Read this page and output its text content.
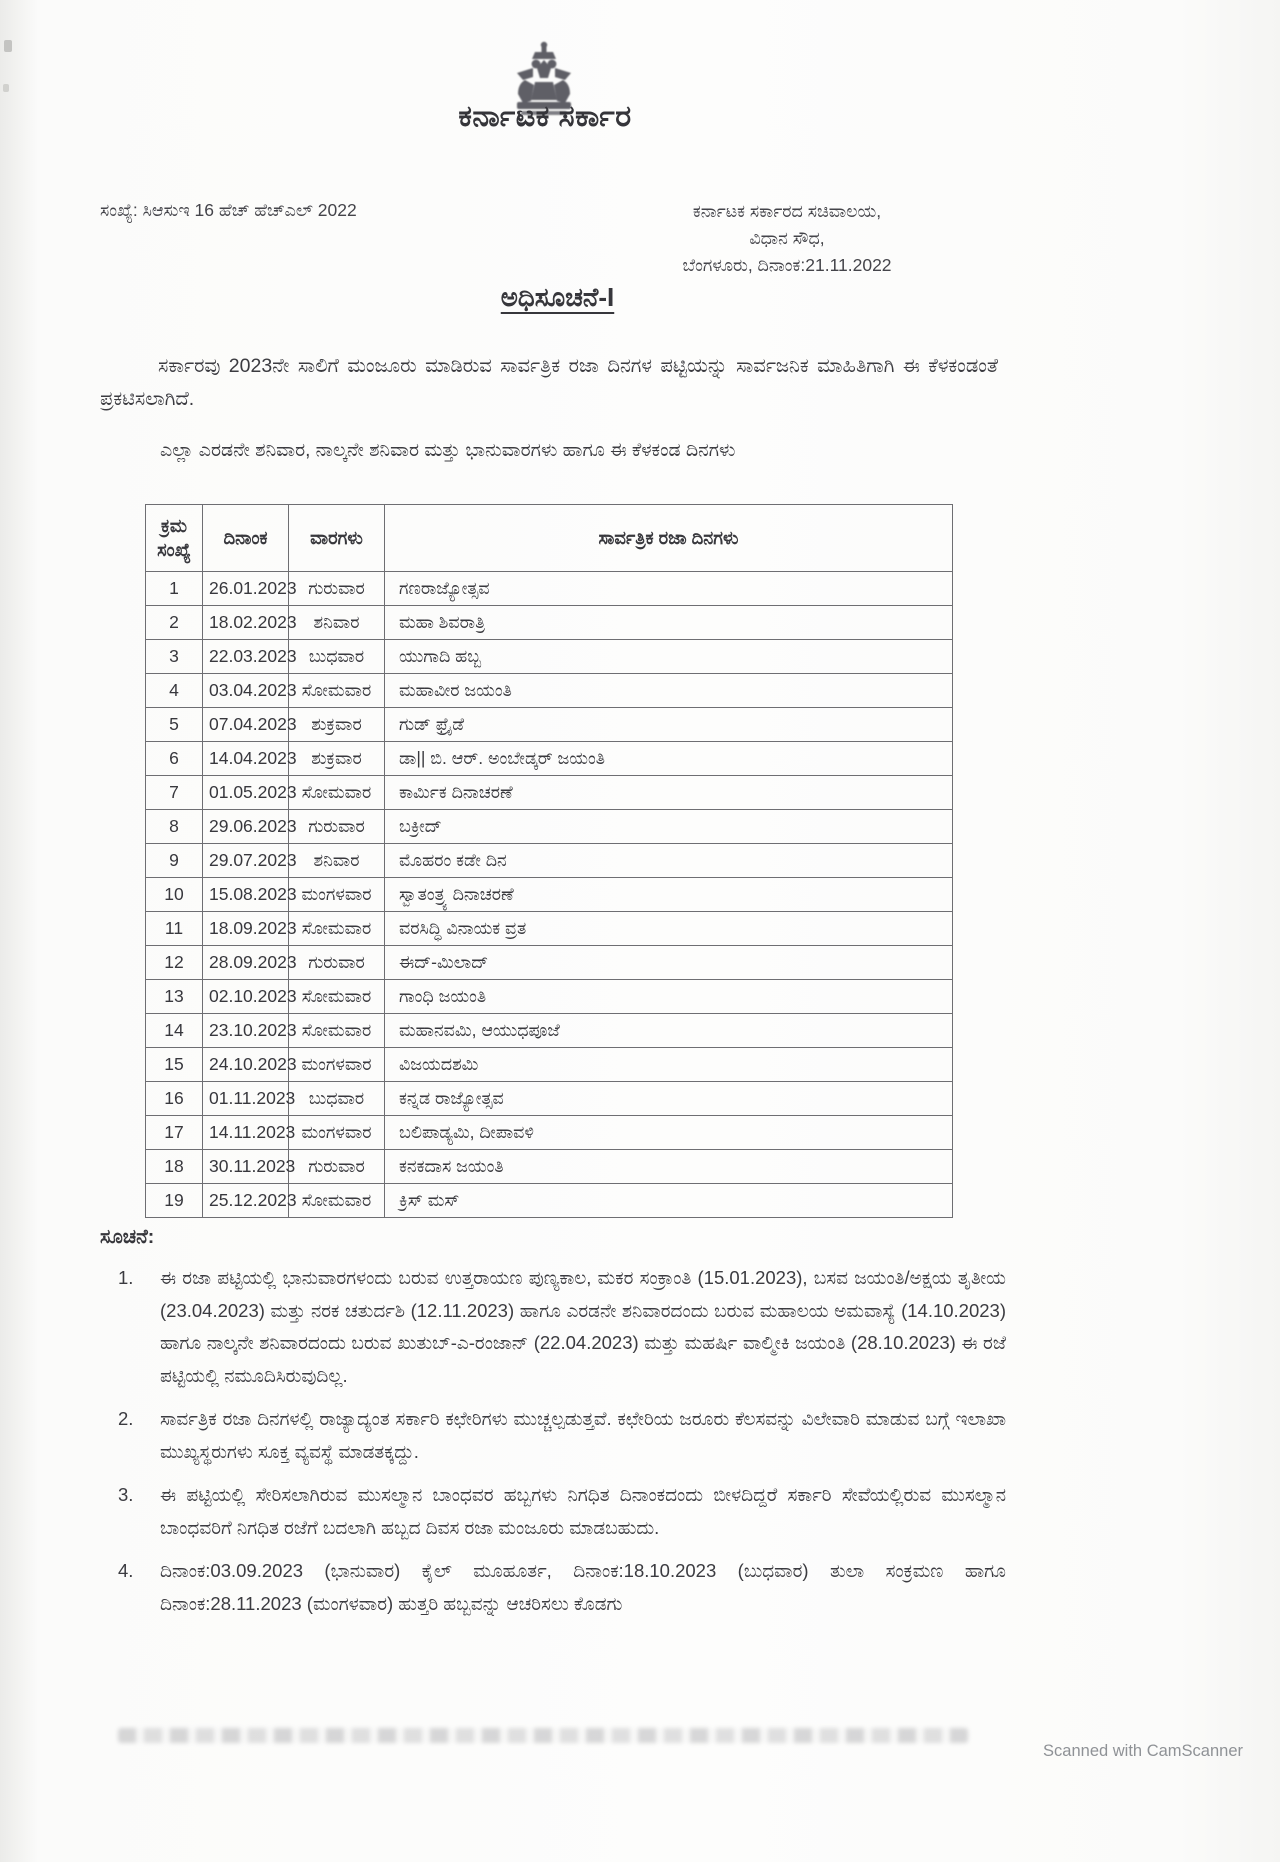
ಕರ್ನಾಟಕ ಸರ್ಕಾರ
ಸಂಖ್ಯೆ: ಸಿಆಸುಇ 16 ಹೆಚ್ ಹೆಚ್ಎಲ್ 2022	ಕರ್ನಾಟಕ ಸರ್ಕಾರದ ಸಚಿವಾಲಯ,
ವಿಧಾನ ಸೌಧ,
ಬೆಂಗಳೂರು, ದಿನಾಂಕ:21.11.2022
ಅಧಿಸೂಚನೆ-I
ಸರ್ಕಾರವು 2023ನೇ ಸಾಲಿಗೆ ಮಂಜೂರು ಮಾಡಿರುವ ಸಾರ್ವತ್ರಿಕ ರಜಾ ದಿನಗಳ ಪಟ್ಟಿಯನ್ನು ಸಾರ್ವಜನಿಕ ಮಾಹಿತಿಗಾಗಿ ಈ ಕೆಳಕಂಡಂತೆ ಪ್ರಕಟಿಸಲಾಗಿದೆ.
ಎಲ್ಲಾ ಎರಡನೇ ಶನಿವಾರ, ನಾಲ್ಕನೇ ಶನಿವಾರ ಮತ್ತು ಭಾನುವಾರಗಳು ಹಾಗೂ ಈ ಕೆಳಕಂಡ ದಿನಗಳು
ಕ್ರಮ ಸಂಖ್ಯೆ	ದಿನಾಂಕ	ವಾರಗಳು	ಸಾರ್ವತ್ರಿಕ ರಜಾ ದಿನಗಳು
1	26.01.2023	ಗುರುವಾರ	ಗಣರಾಜ್ಯೋತ್ಸವ
2	18.02.2023	ಶನಿವಾರ	ಮಹಾ ಶಿವರಾತ್ರಿ
3	22.03.2023	ಬುಧವಾರ	ಯುಗಾದಿ ಹಬ್ಬ
4	03.04.2023	ಸೋಮವಾರ	ಮಹಾವೀರ ಜಯಂತಿ
5	07.04.2023	ಶುಕ್ರವಾರ	ಗುಡ್ ಫ್ರೈಡೆ
6	14.04.2023	ಶುಕ್ರವಾರ	ಡಾ|| ಬಿ. ಆರ್. ಅಂಬೇಡ್ಕರ್ ಜಯಂತಿ
7	01.05.2023	ಸೋಮವಾರ	ಕಾರ್ಮಿಕ ದಿನಾಚರಣೆ
8	29.06.2023	ಗುರುವಾರ	ಬಕ್ರೀದ್
9	29.07.2023	ಶನಿವಾರ	ಮೊಹರಂ ಕಡೇ ದಿನ
10	15.08.2023	ಮಂಗಳವಾರ	ಸ್ವಾತಂತ್ರ್ಯ ದಿನಾಚರಣೆ
11	18.09.2023	ಸೋಮವಾರ	ವರಸಿದ್ಧಿ ವಿನಾಯಕ ವ್ರತ
12	28.09.2023	ಗುರುವಾರ	ಈದ್-ಮಿಲಾದ್
13	02.10.2023	ಸೋಮವಾರ	ಗಾಂಧಿ ಜಯಂತಿ
14	23.10.2023	ಸೋಮವಾರ	ಮಹಾನವಮಿ, ಆಯುಧಪೂಜೆ
15	24.10.2023	ಮಂಗಳವಾರ	ವಿಜಯದಶಮಿ
16	01.11.2023	ಬುಧವಾರ	ಕನ್ನಡ ರಾಜ್ಯೋತ್ಸವ
17	14.11.2023	ಮಂಗಳವಾರ	ಬಲಿಪಾಡ್ಯಮಿ, ದೀಪಾವಳಿ
18	30.11.2023	ಗುರುವಾರ	ಕನಕದಾಸ ಜಯಂತಿ
19	25.12.2023	ಸೋಮವಾರ	ಕ್ರಿಸ್ ಮಸ್
ಸೂಚನೆ:
1.	ಈ ರಜಾ ಪಟ್ಟಿಯಲ್ಲಿ ಭಾನುವಾರಗಳಂದು ಬರುವ ಉತ್ತರಾಯಣ ಪುಣ್ಯಕಾಲ, ಮಕರ ಸಂಕ್ರಾಂತಿ (15.01.2023), ಬಸವ ಜಯಂತಿ/ಅಕ್ಷಯ ತೃತೀಯ (23.04.2023) ಮತ್ತು ನರಕ ಚತುರ್ದಶಿ (12.11.2023) ಹಾಗೂ ಎರಡನೇ ಶನಿವಾರದಂದು ಬರುವ ಮಹಾಲಯ ಅಮವಾಸ್ಯೆ (14.10.2023) ಹಾಗೂ ನಾಲ್ಕನೇ ಶನಿವಾರದಂದು ಬರುವ ಖುತುಬ್-ಎ-ರಂಜಾನ್ (22.04.2023) ಮತ್ತು ಮಹರ್ಷಿ ವಾಲ್ಮೀಕಿ ಜಯಂತಿ (28.10.2023) ಈ ರಜೆ ಪಟ್ಟಿಯಲ್ಲಿ ನಮೂದಿಸಿರುವುದಿಲ್ಲ.
2.	ಸಾರ್ವತ್ರಿಕ ರಜಾ ದಿನಗಳಲ್ಲಿ ರಾಜ್ಯಾದ್ಯಂತ ಸರ್ಕಾರಿ ಕಛೇರಿಗಳು ಮುಚ್ಚಲ್ಪಡುತ್ತವೆ. ಕಛೇರಿಯ ಜರೂರು ಕೆಲಸವನ್ನು ವಿಲೇವಾರಿ ಮಾಡುವ ಬಗ್ಗೆ ಇಲಾಖಾ ಮುಖ್ಯಸ್ಥರುಗಳು ಸೂಕ್ತ ವ್ಯವಸ್ಥೆ ಮಾಡತಕ್ಕದ್ದು.
3.	ಈ ಪಟ್ಟಿಯಲ್ಲಿ ಸೇರಿಸಲಾಗಿರುವ ಮುಸಲ್ಮಾನ ಬಾಂಧವರ ಹಬ್ಬಗಳು ನಿಗಧಿತ ದಿನಾಂಕದಂದು ಬೀಳದಿದ್ದರೆ ಸರ್ಕಾರಿ ಸೇವೆಯಲ್ಲಿರುವ ಮುಸಲ್ಮಾನ ಬಾಂಧವರಿಗೆ ನಿಗಧಿತ ರಜೆಗೆ ಬದಲಾಗಿ ಹಬ್ಬದ ದಿವಸ ರಜಾ ಮಂಜೂರು ಮಾಡಬಹುದು.
4.	ದಿನಾಂಕ:03.09.2023 (ಭಾನುವಾರ) ಕೈಲ್ ಮೂಹೂರ್ತ, ದಿನಾಂಕ:18.10.2023 (ಬುಧವಾರ) ತುಲಾ ಸಂಕ್ರಮಣ ಹಾಗೂ ದಿನಾಂಕ:28.11.2023 (ಮಂಗಳವಾರ) ಹುತ್ತರಿ ಹಬ್ಬವನ್ನು ಆಚರಿಸಲು ಕೊಡಗು
Scanned with CamScanner
